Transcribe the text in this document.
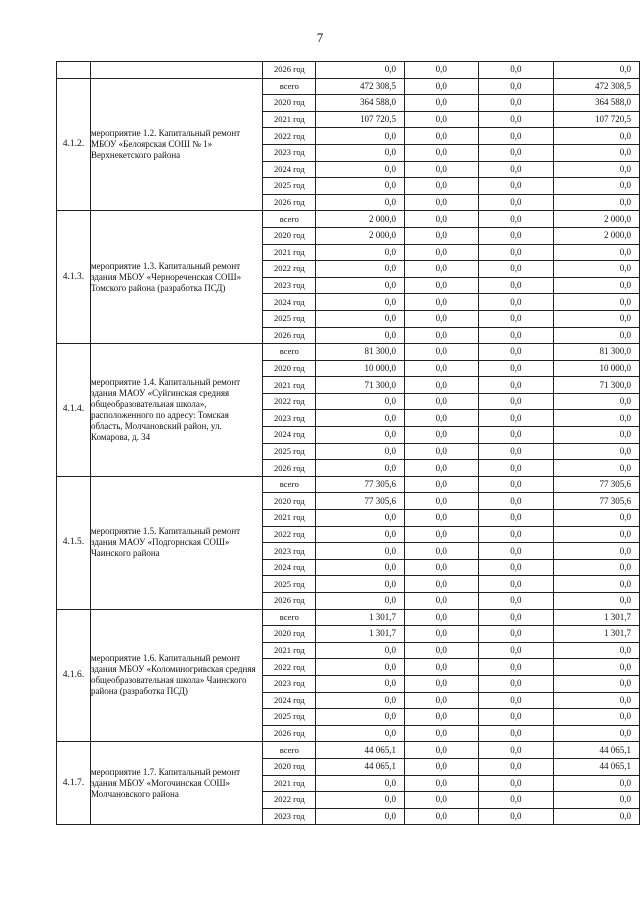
7
		2026 год	0,0	0,0	0,0	0,0
4.1.2.	мероприятие 1.2. Капитальный ремонт МБОУ «Белоярская СОШ № 1» Верхнекетского района	всего	472 308,5	0,0	0,0	472 308,5
		2020 год	364 588,0	0,0	0,0	364 588,0
		2021 год	107 720,5	0,0	0,0	107 720,5
		2022 год	0,0	0,0	0,0	0,0
		2023 год	0,0	0,0	0,0	0,0
		2024 год	0,0	0,0	0,0	0,0
		2025 год	0,0	0,0	0,0	0,0
		2026 год	0,0	0,0	0,0	0,0
4.1.3.	мероприятие 1.3. Капитальный ремонт здания МБОУ «Чернореченская СОШ» Томского района (разработка ПСД)	всего	2 000,0	0,0	0,0	2 000,0
		2020 год	2 000,0	0,0	0,0	2 000,0
		2021 год	0,0	0,0	0,0	0,0
		2022 год	0,0	0,0	0,0	0,0
		2023 год	0,0	0,0	0,0	0,0
		2024 год	0,0	0,0	0,0	0,0
		2025 год	0,0	0,0	0,0	0,0
		2026 год	0,0	0,0	0,0	0,0
4.1.4.	мероприятие 1.4. Капитальный ремонт здания МАОУ «Суйгинская средняя общеобразовательная школа», расположенного по адресу: Томская область, Молчановский район, ул. Комарова, д. 34	всего	81 300,0	0,0	0,0	81 300,0
		2020 год	10 000,0	0,0	0,0	10 000,0
		2021 год	71 300,0	0,0	0,0	71 300,0
		2022 год	0,0	0,0	0,0	0,0
		2023 год	0,0	0,0	0,0	0,0
		2024 год	0,0	0,0	0,0	0,0
		2025 год	0,0	0,0	0,0	0,0
		2026 год	0,0	0,0	0,0	0,0
4.1.5.	мероприятие 1.5. Капитальный ремонт здания МАОУ «Подгорнская СОШ» Чаинского района	всего	77 305,6	0,0	0,0	77 305,6
		2020 год	77 305,6	0,0	0,0	77 305,6
		2021 год	0,0	0,0	0,0	0,0
		2022 год	0,0	0,0	0,0	0,0
		2023 год	0,0	0,0	0,0	0,0
		2024 год	0,0	0,0	0,0	0,0
		2025 год	0,0	0,0	0,0	0,0
		2026 год	0,0	0,0	0,0	0,0
4.1.6.	мероприятие 1.6. Капитальный ремонт здания МБОУ «Коломиногривская средняя общеобразовательная школа» Чаинского района (разработка ПСД)	всего	1 301,7	0,0	0,0	1 301,7
		2020 год	1 301,7	0,0	0,0	1 301,7
		2021 год	0,0	0,0	0,0	0,0
		2022 год	0,0	0,0	0,0	0,0
		2023 год	0,0	0,0	0,0	0,0
		2024 год	0,0	0,0	0,0	0,0
		2025 год	0,0	0,0	0,0	0,0
		2026 год	0,0	0,0	0,0	0,0
4.1.7.	мероприятие 1.7. Капитальный ремонт здания МБОУ «Могочинская СОШ» Молчановского района	всего	44 065,1	0,0	0,0	44 065,1
		2020 год	44 065,1	0,0	0,0	44 065,1
		2021 год	0,0	0,0	0,0	0,0
		2022 год	0,0	0,0	0,0	0,0
		2023 год	0,0	0,0	0,0	0,0
